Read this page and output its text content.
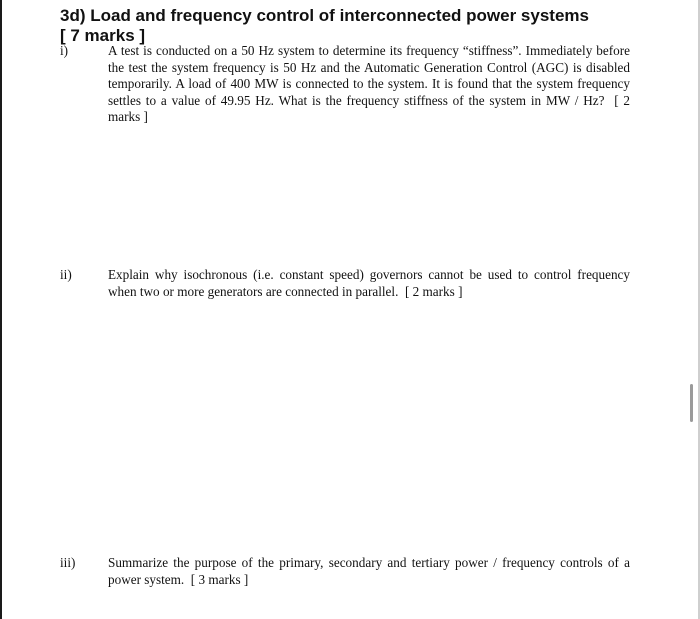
3d) Load and frequency control of interconnected power systems
[ 7 marks ]
i)	A test is conducted on a 50 Hz system to determine its frequency “stiffness”. Immediately before the test the system frequency is 50 Hz and the Automatic Generation Control (AGC) is disabled temporarily. A load of 400 MW is connected to the system. It is found that the system frequency settles to a value of 49.95 Hz. What is the frequency stiffness of the system in MW / Hz? [ 2 marks ]
ii)	Explain why isochronous (i.e. constant speed) governors cannot be used to control frequency when two or more generators are connected in parallel. [ 2 marks ]
iii)	Summarize the purpose of the primary, secondary and tertiary power / frequency controls of a power system. [ 3 marks ]
